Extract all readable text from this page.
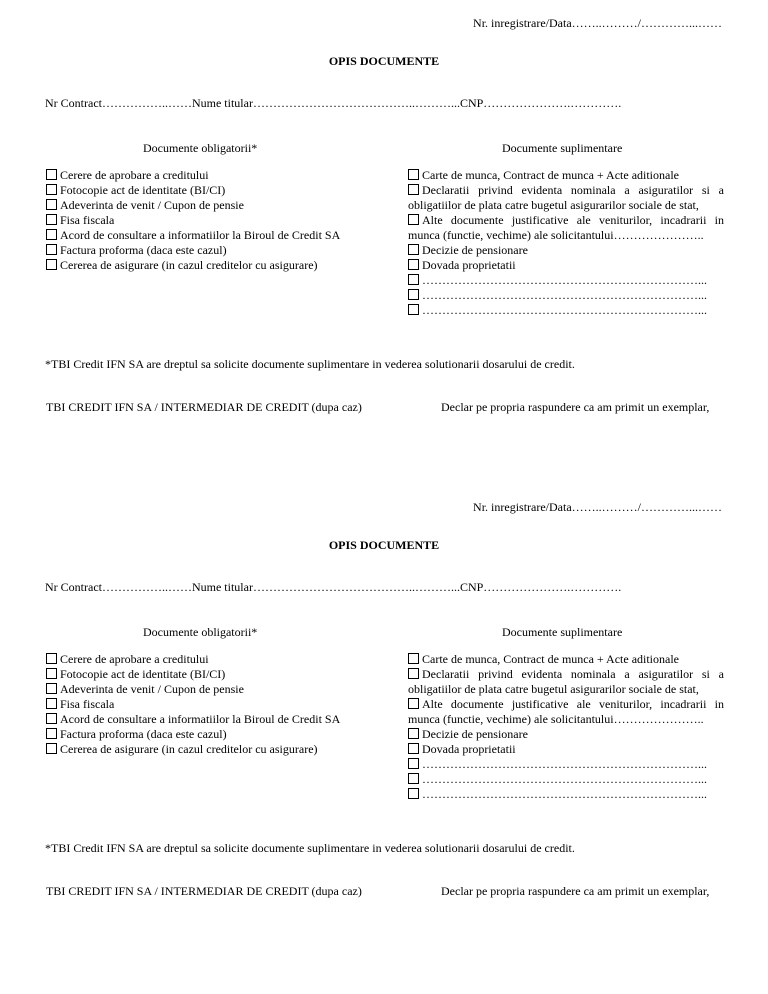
Nr. inregistrare/Data……..………/…………...……
OPIS DOCUMENTE
Nr Contract……………..……Nume titular…………………………………..………...CNP………………….………….
Documente obligatorii*	Documente suplimentare
Cerere de aprobare a creditului
Fotocopie act de identitate (BI/CI)
Adeverinta de venit / Cupon de pensie
Fisa fiscala
Acord de consultare a informatiilor la Biroul de Credit SA
Factura proforma (daca este cazul)
Cererea de asigurare (in cazul creditelor cu asigurare)
Carte de munca, Contract de munca + Acte aditionale
Declaratii privind evidenta nominala a asiguratilor si a obligatiilor de plata catre bugetul asigurarilor sociale de stat,
Alte documente justificative ale veniturilor, incadrarii in munca (functie, vechime) ale solicitantului…………………..
Decizie de pensionare
Dovada proprietatii
……………………………………………………………...
……………………………………………………………...
……………………………………………………………...
*TBI Credit IFN SA are dreptul sa solicite documente suplimentare in vederea solutionarii dosarului de credit.
TBI CREDIT IFN SA / INTERMEDIAR DE CREDIT (dupa caz)	Declar pe propria raspundere ca am primit un exemplar,
Nr. inregistrare/Data……..………/…………...……
OPIS DOCUMENTE
Nr Contract……………..……Nume titular…………………………………..………...CNP………………….………….
Documente obligatorii*	Documente suplimentare
Cerere de aprobare a creditului
Fotocopie act de identitate (BI/CI)
Adeverinta de venit / Cupon de pensie
Fisa fiscala
Acord de consultare a informatiilor la Biroul de Credit SA
Factura proforma (daca este cazul)
Cererea de asigurare (in cazul creditelor cu asigurare)
Carte de munca, Contract de munca + Acte aditionale
Declaratii privind evidenta nominala a asiguratilor si a obligatiilor de plata catre bugetul asigurarilor sociale de stat,
Alte documente justificative ale veniturilor, incadrarii in munca (functie, vechime) ale solicitantului…………………..
Decizie de pensionare
Dovada proprietatii
……………………………………………………………...
……………………………………………………………...
……………………………………………………………...
*TBI Credit IFN SA are dreptul sa solicite documente suplimentare in vederea solutionarii dosarului de credit.
TBI CREDIT IFN SA / INTERMEDIAR DE CREDIT (dupa caz)	Declar pe propria raspundere ca am primit un exemplar,
